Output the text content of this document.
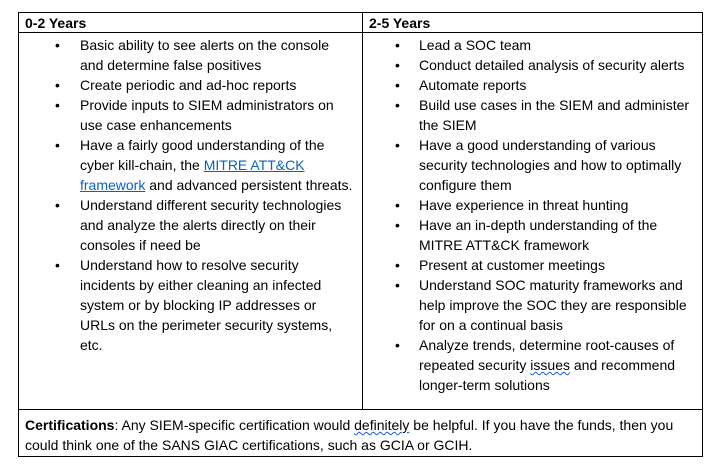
0-2 Years	2-5 Years
• Basic ability to see alerts on the console and determine false positives
• Create periodic and ad-hoc reports
• Provide inputs to SIEM administrators on use case enhancements
• Have a fairly good understanding of the cyber kill-chain, the MITRE ATT&CK framework and advanced persistent threats.
• Understand different security technologies and analyze the alerts directly on their consoles if need be
• Understand how to resolve security incidents by either cleaning an infected system or by blocking IP addresses or URLs on the perimeter security systems, etc.
• Lead a SOC team
• Conduct detailed analysis of security alerts
• Automate reports
• Build use cases in the SIEM and administer the SIEM
• Have a good understanding of various security technologies and how to optimally configure them
• Have experience in threat hunting
• Have an in-depth understanding of the MITRE ATT&CK framework
• Present at customer meetings
• Understand SOC maturity frameworks and help improve the SOC they are responsible for on a continual basis
• Analyze trends, determine root-causes of repeated security issues and recommend longer-term solutions
Certifications: Any SIEM-specific certification would definitely be helpful. If you have the funds, then you could think one of the SANS GIAC certifications, such as GCIA or GCIH.
